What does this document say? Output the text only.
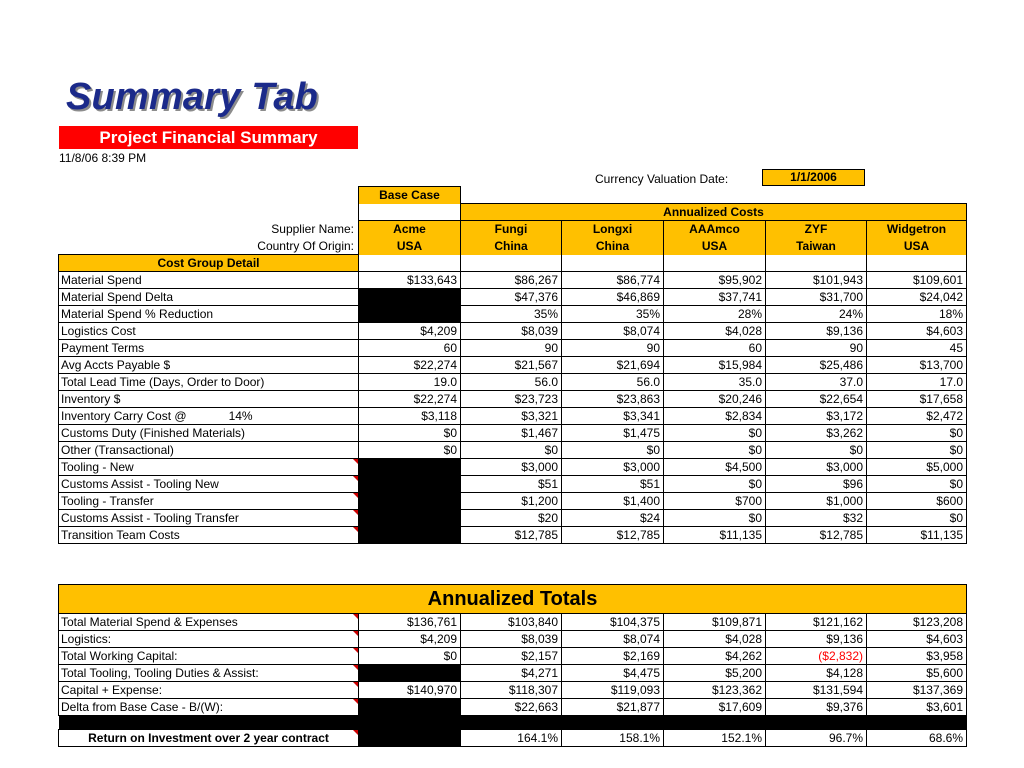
Summary Tab
Project Financial Summary
11/8/06 8:39 PM
Currency Valuation Date:	1/1/2006
	Base Case					
		Annualized Costs				
Supplier Name:	Acme	Fungi	Longxi	AAAmco	ZYF	Widgetron
Country Of Origin:	USA	China	China	USA	Taiwan	USA
Cost Group Detail						
Material Spend	$133,643	$86,267	$86,774	$95,902	$101,943	$109,601
Material Spend Delta		$47,376	$46,869	$37,741	$31,700	$24,042
Material Spend % Reduction		35%	35%	28%	24%	18%
Logistics Cost	$4,209	$8,039	$8,074	$4,028	$9,136	$4,603
Payment Terms	60	90	90	60	90	45
Avg Accts Payable $	$22,274	$21,567	$21,694	$15,984	$25,486	$13,700
Total Lead Time (Days, Order to Door)	19.0	56.0	56.0	35.0	37.0	17.0
Inventory $	$22,274	$23,723	$23,863	$20,246	$22,654	$17,658
Inventory Carry Cost @ 14%	$3,118	$3,321	$3,341	$2,834	$3,172	$2,472
Customs Duty (Finished Materials)	$0	$1,467	$1,475	$0	$3,262	$0
Other (Transactional)	$0	$0	$0	$0	$0	$0
Tooling - New		$3,000	$3,000	$4,500	$3,000	$5,000
Customs Assist - Tooling New		$51	$51	$0	$96	$0
Tooling - Transfer		$1,200	$1,400	$700	$1,000	$600
Customs Assist - Tooling Transfer		$20	$24	$0	$32	$0
Transition Team Costs		$12,785	$12,785	$11,135	$12,785	$11,135
Annualized Totals						
Total Material Spend & Expenses	$136,761	$103,840	$104,375	$109,871	$121,162	$123,208
Logistics:	$4,209	$8,039	$8,074	$4,028	$9,136	$4,603
Total Working Capital:	$0	$2,157	$2,169	$4,262	($2,832)	$3,958
Total Tooling, Tooling Duties & Assist:		$4,271	$4,475	$5,200	$4,128	$5,600
Capital + Expense:	$140,970	$118,307	$119,093	$123,362	$131,594	$137,369
Delta from Base Case - B/(W):		$22,663	$21,877	$17,609	$9,376	$3,601

Return on Investment over 2 year contract		164.1%	158.1%	152.1%	96.7%	68.6%
